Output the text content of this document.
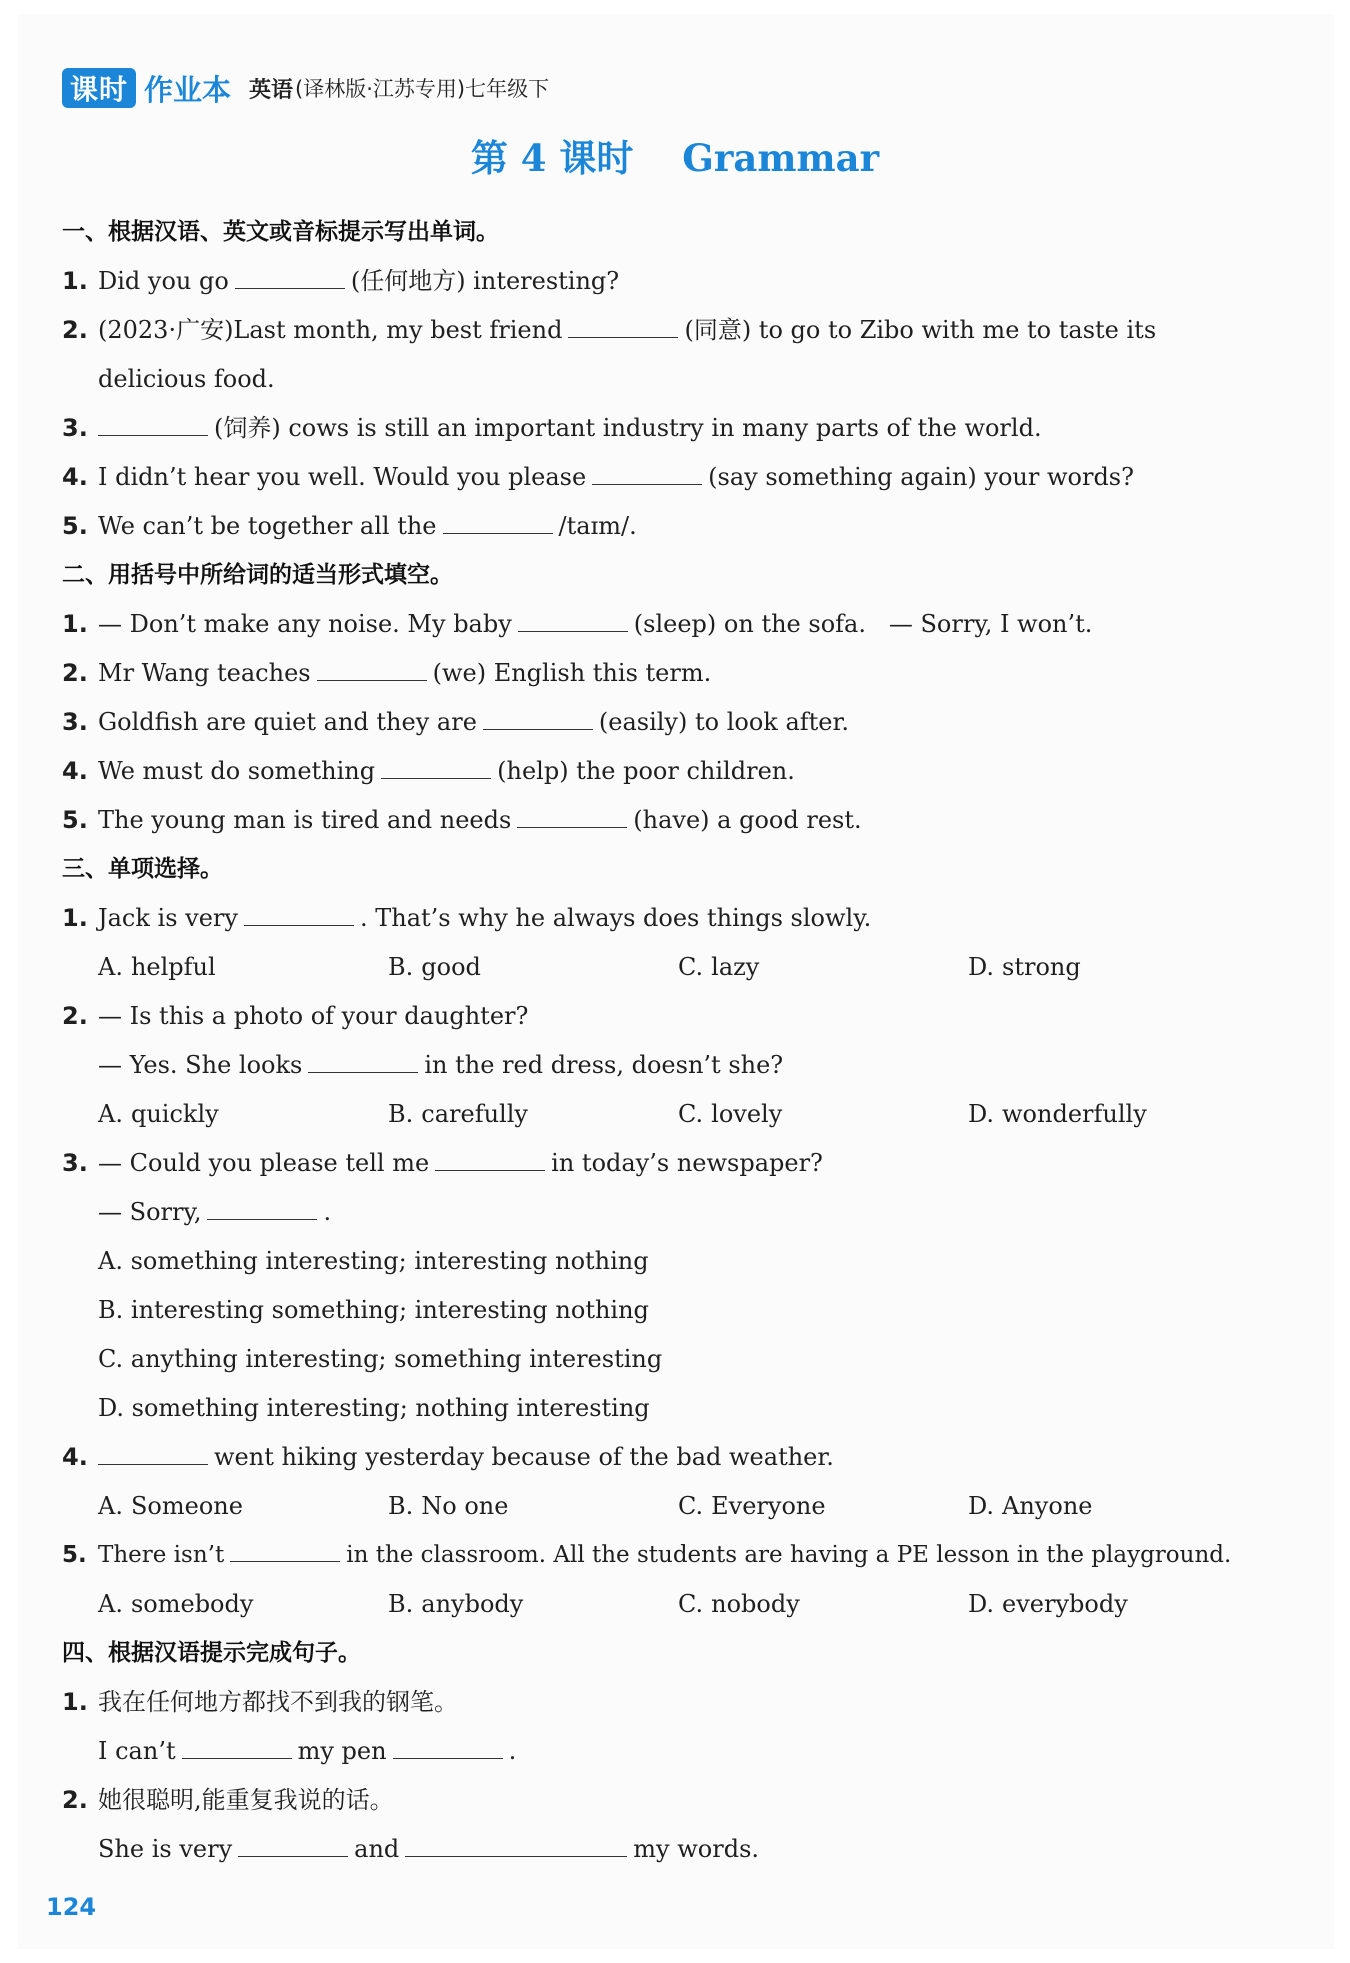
课时 作业本 英语 (译林版·江苏专用)七年级下
第 4 课时 Grammar
一、根据汉语、英文或音标提示写出单词。
1. Did you go	(任何地方) interesting?
2. (2023·广安)Last month, my best friend	(同意) to go to Zibo with me to taste its
delicious food.
3.	(饲养) cows is still an important industry in many parts of the world.
4. I didn’t hear you well. Would you please	(say something again) your words?
5. We can’t be together all the	/taɪm/.
二、用括号中所给词的适当形式填空。
1. — Don’t make any noise. My baby	(sleep) on the sofa.   — Sorry, I won’t.
2. Mr Wang teaches	(we) English this term.
3. Goldfish are quiet and they are	(easily) to look after.
4. We must do something	(help) the poor children.
5. The young man is tired and needs	(have) a good rest.
三、单项选择。
1. Jack is very	. That’s why he always does things slowly.
A. helpful	B. good	C. lazy	D. strong
2. — Is this a photo of your daughter?
— Yes. She looks	in the red dress, doesn’t she?
A. quickly	B. carefully	C. lovely	D. wonderfully
3. — Could you please tell me	in today’s newspaper?
— Sorry,	.
A. something interesting; interesting nothing
B. interesting something; interesting nothing
C. anything interesting; something interesting
D. something interesting; nothing interesting
4.	went hiking yesterday because of the bad weather.
A. Someone	B. No one	C. Everyone	D. Anyone
5. There isn’t	in the classroom. All the students are having a PE lesson in the playground.
A. somebody	B. anybody	C. nobody	D. everybody
四、根据汉语提示完成句子。
1. 我在任何地方都找不到我的钢笔。
I can’t	my pen	.
2. 她很聪明,能重复我说的话。
She is very	and	my words.
124
